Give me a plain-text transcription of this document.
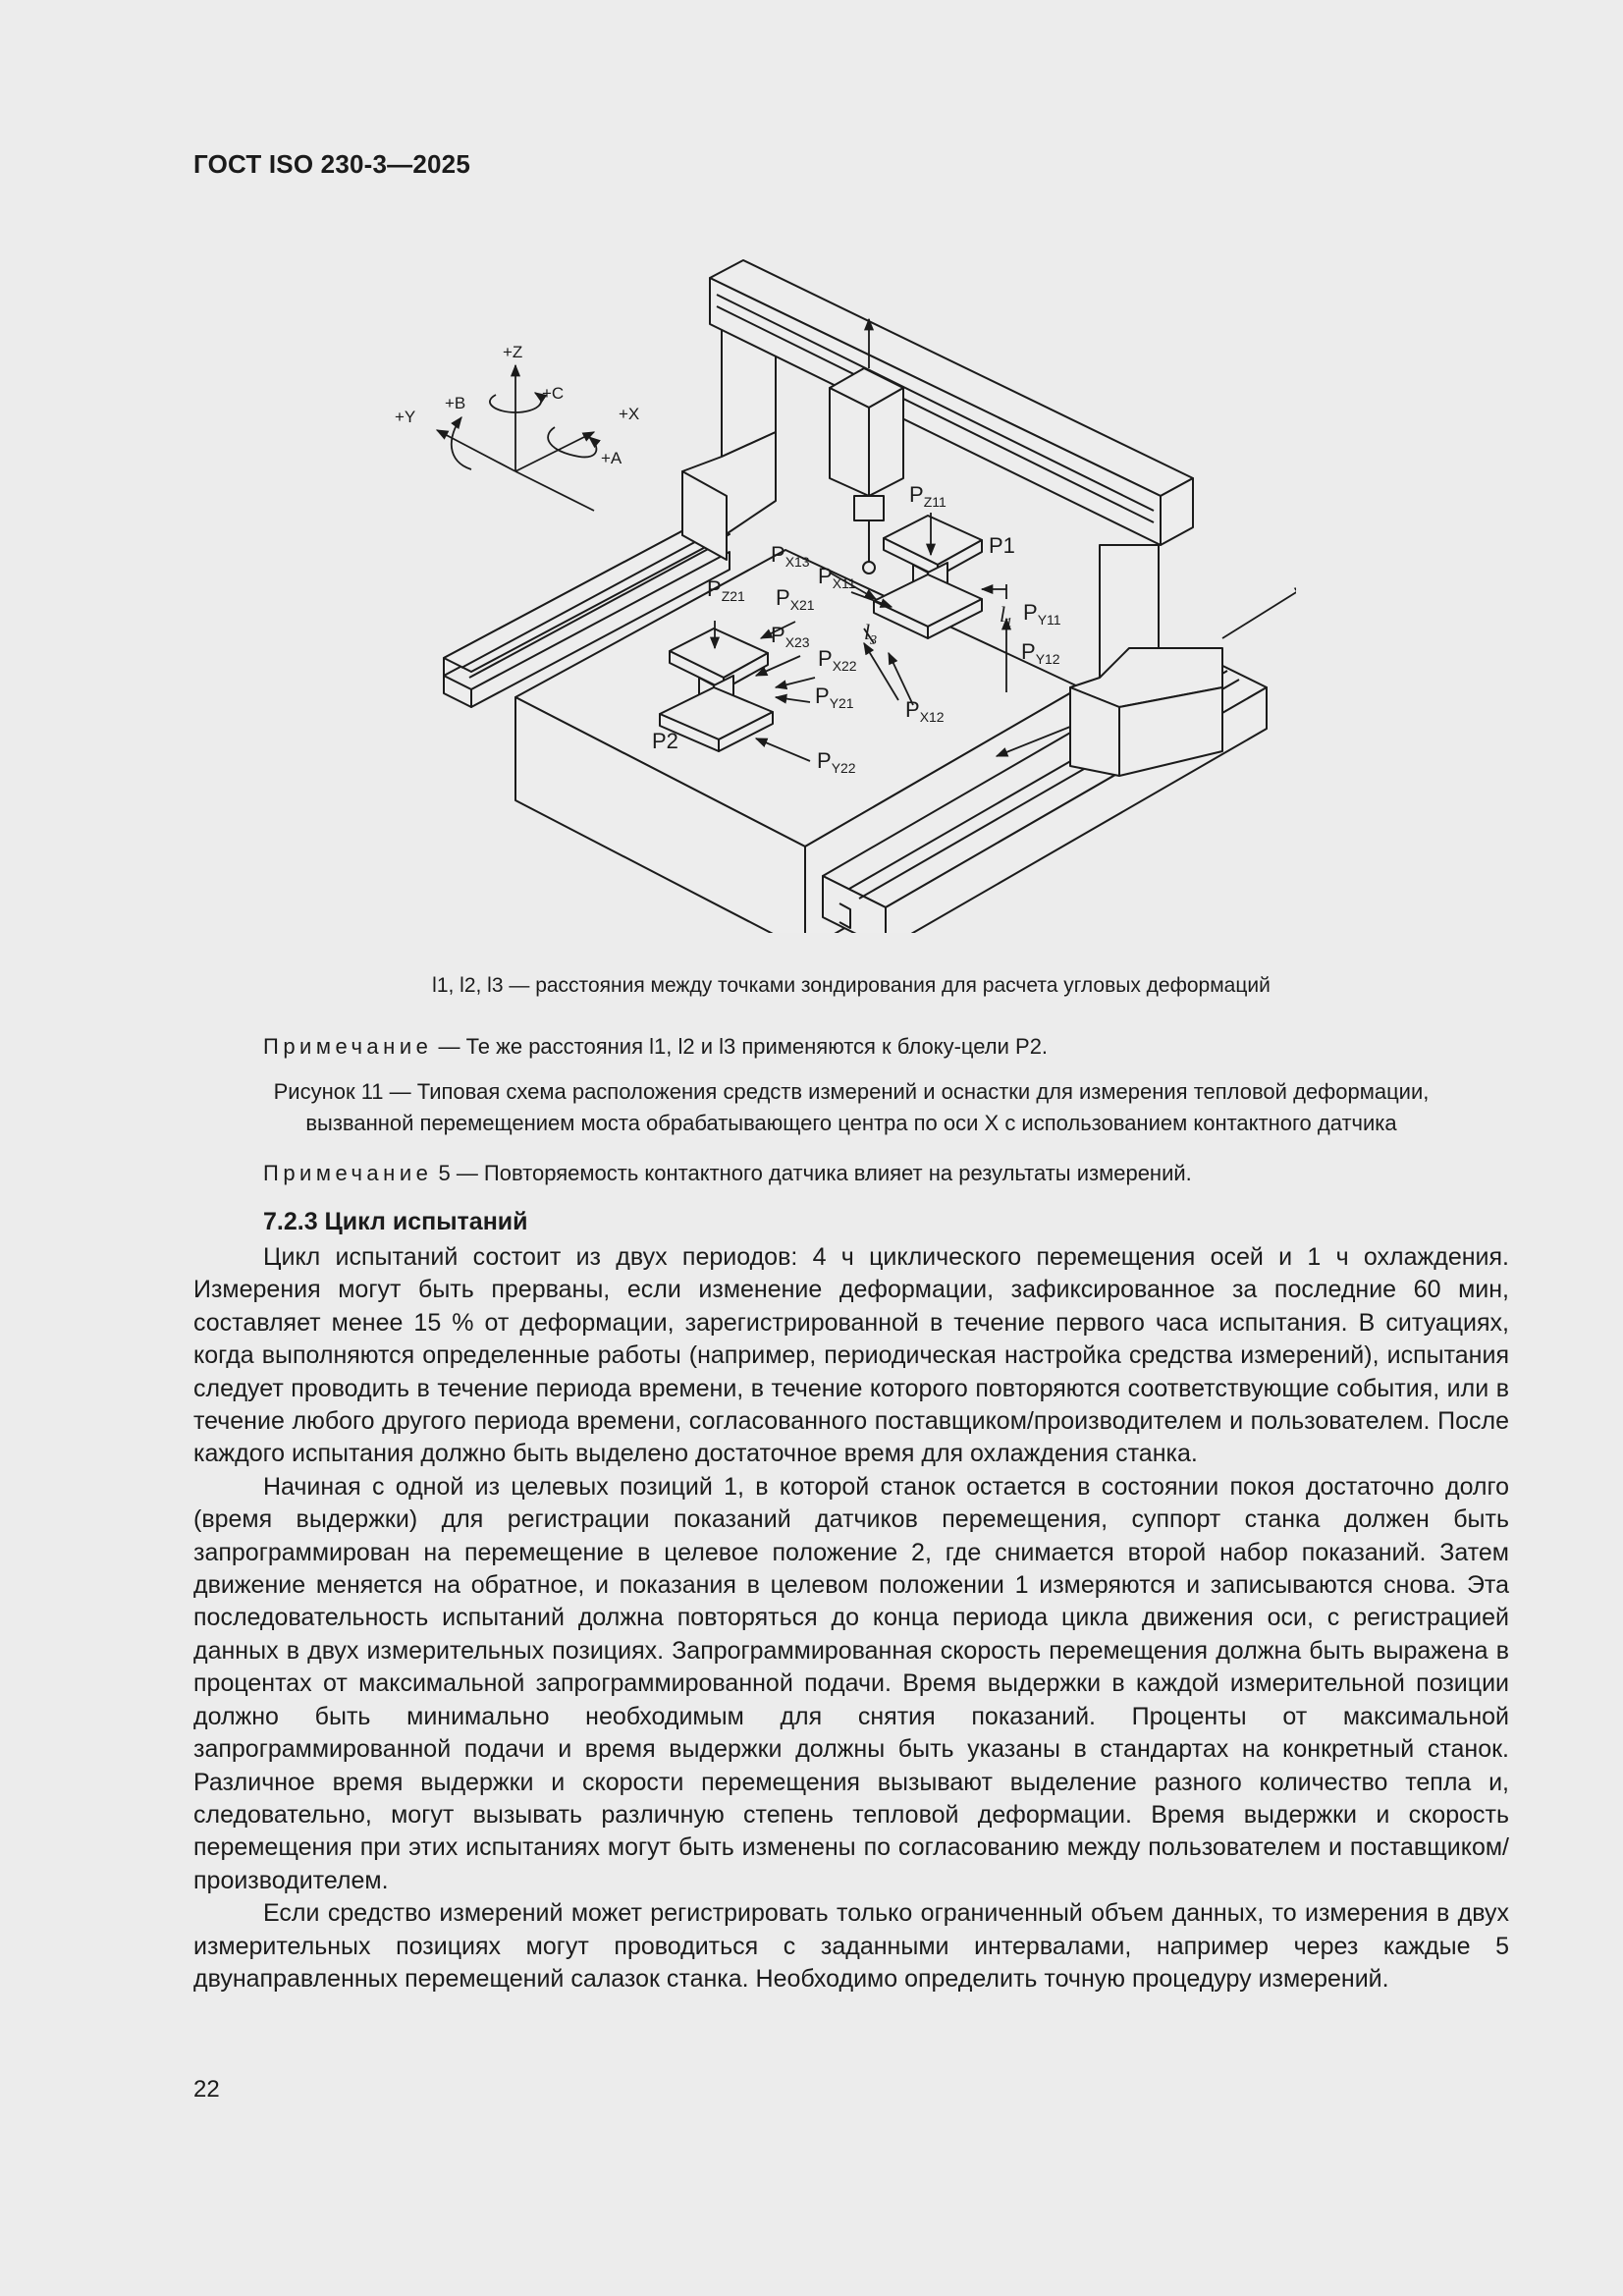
ГОСТ ISO 230-3—2025
+Z
+C
+X
+A
+Y
+B
P1
P2
$P_{Z11}$
$P_{Z21}$
$P_{X13}$
$P_{X11}$
$P_{X21}$
$P_{X23}$
$P_{X22}$
$P_{X12}$
$P_{Y11}$
$P_{Y12}$
$P_{Y21}$
$P_{Y22}$
$l_1$
$l_3$
l1, l2, l3 — расстояния между точками зондирования для расчета угловых деформаций
Примечание — Те же расстояния l1, l2 и l3 применяются к блоку-цели P2.
Рисунок 11 — Типовая схема расположения средств измерений и оснастки для измерения тепловой деформации,
вызванной перемещением моста обрабатывающего центра по оси X с использованием контактного датчика
Примечание 5 — Повторяемость контактного датчика влияет на результаты измерений.
7.2.3 Цикл испытаний

Цикл испытаний состоит из двух периодов: 4 ч циклического перемещения осей и 1 ч охлаждения. Измерения могут быть прерваны, если изменение деформации, зафиксированное за последние 60 мин, составляет менее 15 % от деформации, зарегистрированной в течение первого часа испытания. В ситуациях, когда выполняются определенные работы (например, периодическая настройка средства измерений), испытания следует проводить в течение периода времени, в течение которого повторяются соответствующие события, или в течение любого другого периода времени, согласованного поставщиком/производителем и пользователем. После каждого испытания должно быть выделено достаточное время для охлаждения станка.

Начиная с одной из целевых позиций 1, в которой станок остается в состоянии покоя достаточно долго (время выдержки) для регистрации показаний датчиков перемещения, суппорт станка должен быть запрограммирован на перемещение в целевое положение 2, где снимается второй набор показаний. Затем движение меняется на обратное, и показания в целевом положении 1 измеряются и записываются снова. Эта последовательность испытаний должна повторяться до конца периода цикла движения оси, с регистрацией данных в двух измерительных позициях. Запрограммированная скорость перемещения должна быть выражена в процентах от максимальной запрограммированной подачи. Время выдержки в каждой измерительной позиции должно быть минимально необходимым для снятия показаний. Проценты от максимальной запрограммированной подачи и время выдержки должны быть указаны в стандартах на конкретный станок. Различное время выдержки и скорости перемещения вызывают выделение разного количество тепла и, следовательно, могут вызывать различную степень тепловой деформации. Время выдержки и скорость перемещения при этих испытаниях могут быть изменены по согласованию между пользователем и поставщиком/производителем.

Если средство измерений может регистрировать только ограниченный объем данных, то измерения в двух измерительных позициях могут проводиться с заданными интервалами, например через каждые 5 двунаправленных перемещений салазок станка. Необходимо определить точную процедуру измерений.

22
